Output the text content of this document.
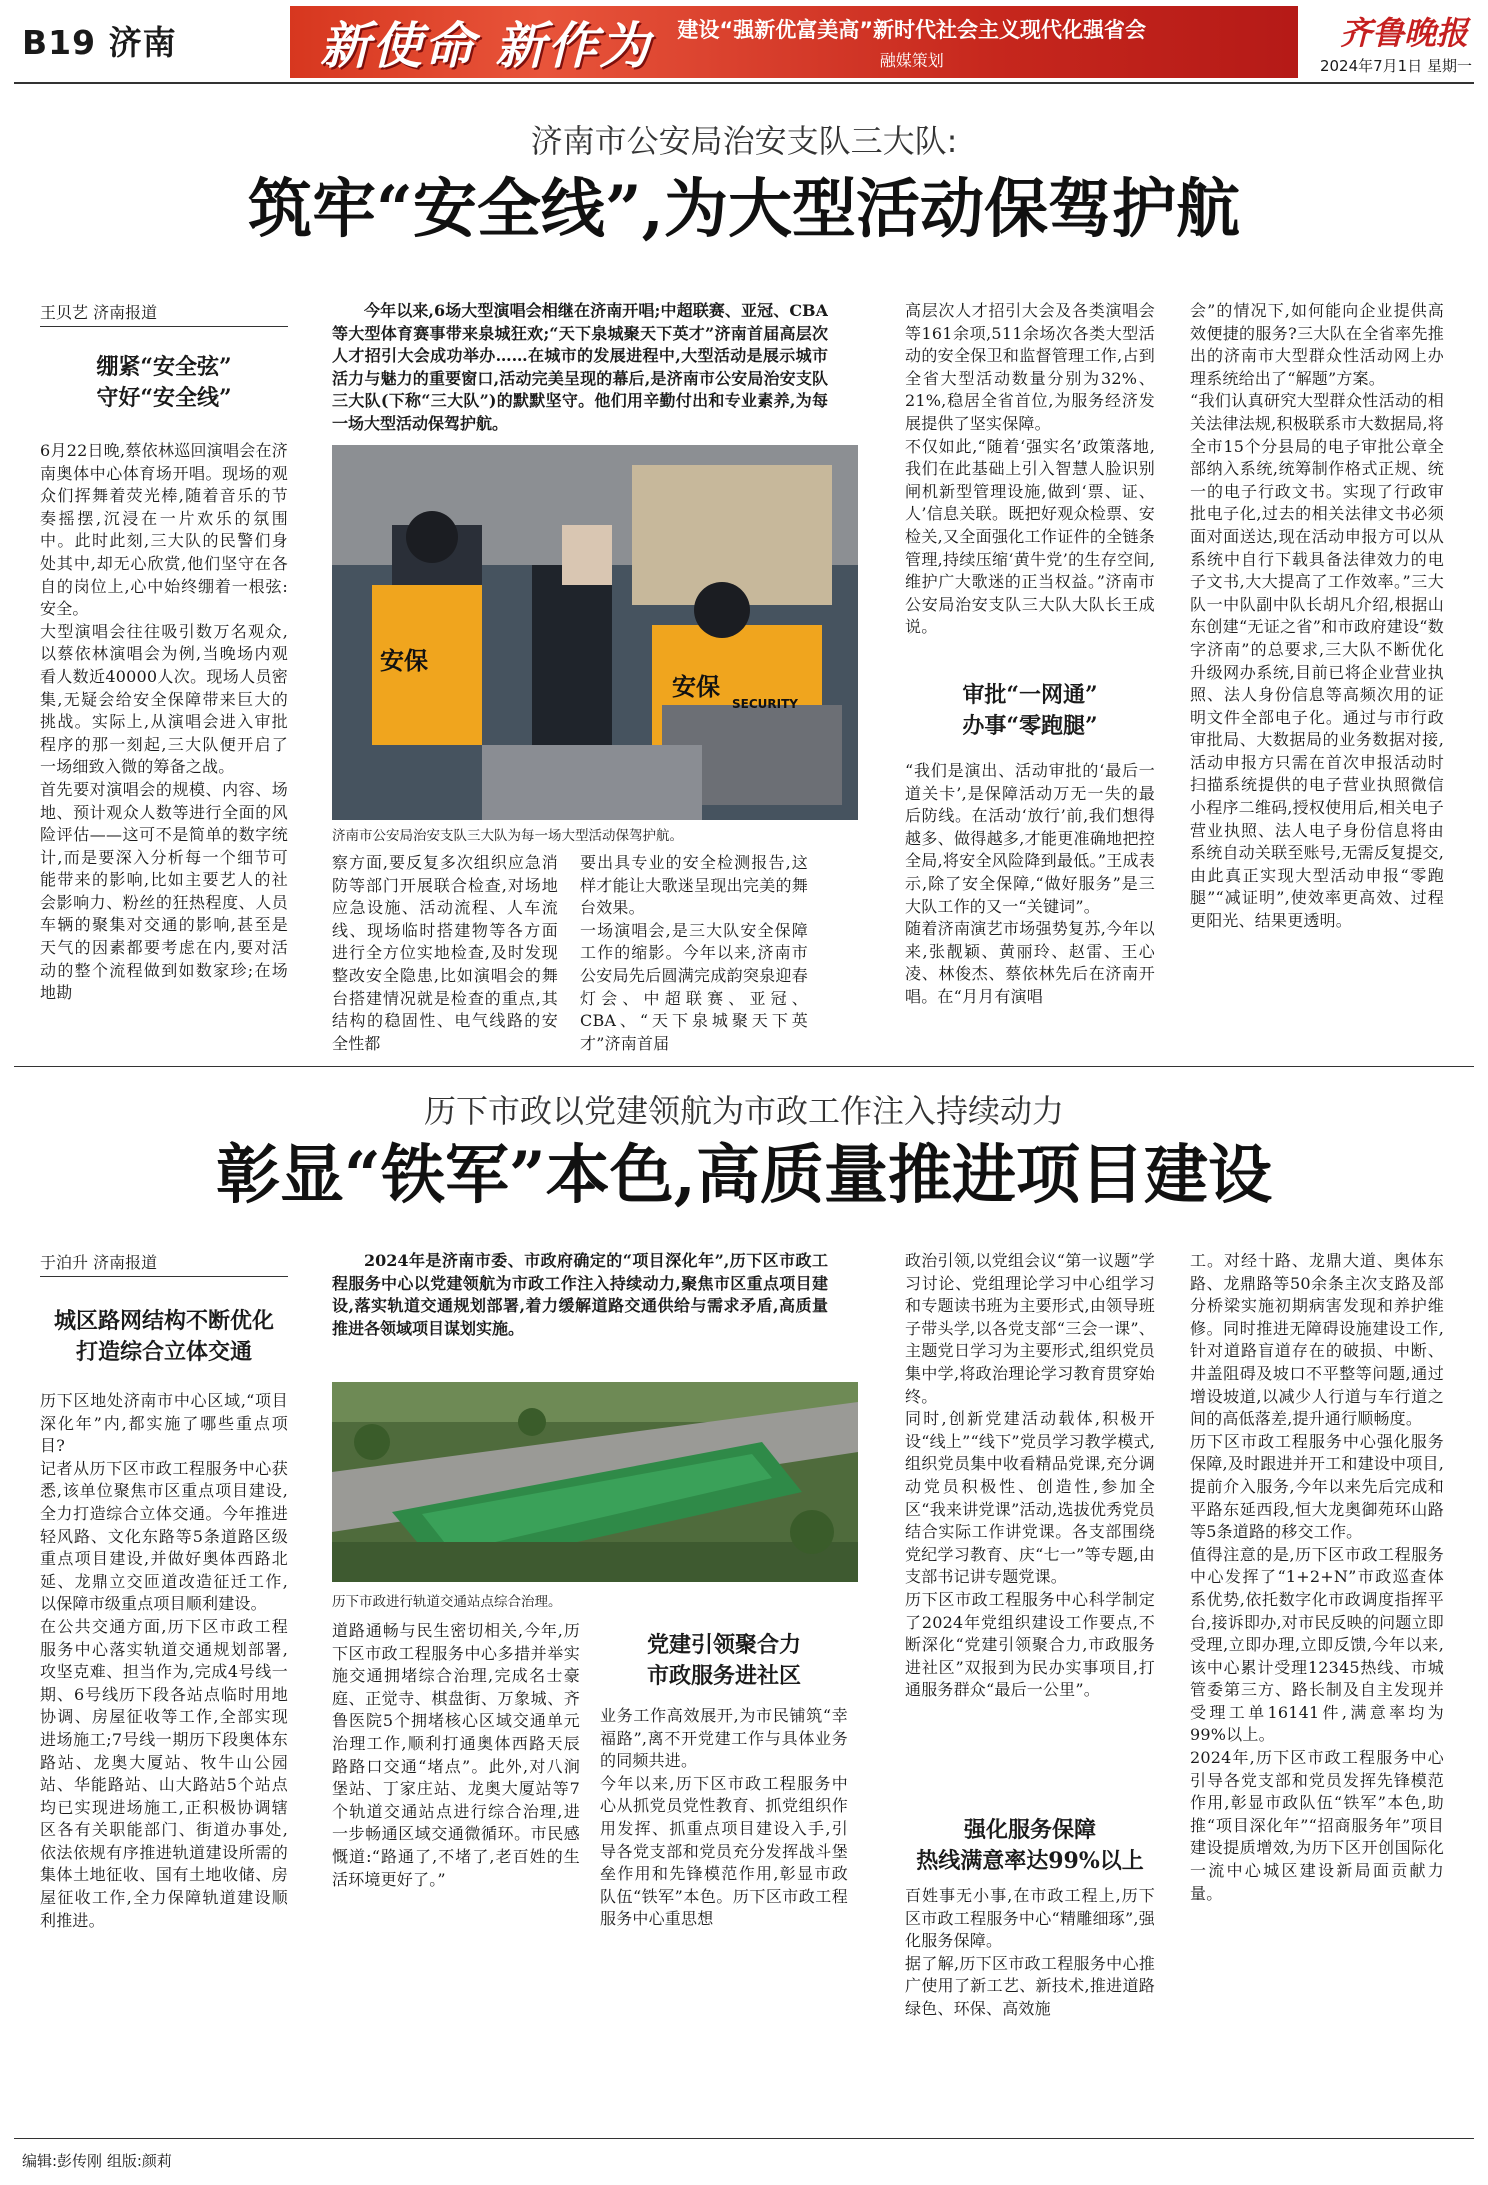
B19 济南	新使命 新作为 建设“强新优富美高”新时代社会主义现代化强省会
融媒策划
齐鲁晚报
2024年7月1日 星期一
济南市公安局治安支队三大队:
筑牢“安全线”,为大型活动保驾护航
王贝艺 济南报道
绷紧“安全弦”
守好“安全线”
6月22日晚,蔡依林巡回演唱会在济南奥体中心体育场开唱。现场的观众们挥舞着荧光棒,随着音乐的节奏摇摆,沉浸在一片欢乐的氛围中。此时此刻,三大队的民警们身处其中,却无心欣赏,他们坚守在各自的岗位上,心中始终绷着一根弦:安全。
大型演唱会往往吸引数万名观众,以蔡依林演唱会为例,当晚场内观看人数近40000人次。现场人员密集,无疑会给安全保障带来巨大的挑战。实际上,从演唱会进入审批程序的那一刻起,三大队便开启了一场细致入微的筹备之战。
首先要对演唱会的规模、内容、场地、预计观众人数等进行全面的风险评估——这可不是简单的数字统计,而是要深入分析每一个细节可能带来的影响,比如主要艺人的社会影响力、粉丝的狂热程度、人员车辆的聚集对交通的影响,甚至是天气的因素都要考虑在内,要对活动的整个流程做到如数家珍;在场地勘

今年以来,6场大型演唱会相继在济南开唱;中超联赛、亚冠、CBA等大型体育赛事带来泉城狂欢;“天下泉城聚天下英才”济南首届高层次人才招引大会成功举办……在城市的发展进程中,大型活动是展示城市活力与魅力的重要窗口,活动完美呈现的幕后,是济南市公安局治安支队三大队(下称“三大队”)的默默坚守。他们用辛勤付出和专业素养,为每一场大型活动保驾护航。

安保
安保
SECURITY
济南市公安局治安支队三大队为每一场大型活动保驾护航。
察方面,要反复多次组织应急消防等部门开展联合检查,对场地应急设施、活动流程、人车流线、现场临时搭建物等各方面进行全方位实地检查,及时发现整改安全隐患,比如演唱会的舞台搭建情况就是检查的重点,其结构的稳固性、电气线路的安全性都
要出具专业的安全检测报告,这样才能让大歌迷呈现出完美的舞台效果。
一场演唱会,是三大队安全保障工作的缩影。今年以来,济南市公安局先后圆满完成韵突泉迎春灯会、中超联赛、亚冠、CBA、“天下泉城聚天下英才”济南首届
高层次人才招引大会及各类演唱会等161余项,511余场次各类大型活动的安全保卫和监督管理工作,占到全省大型活动数量分别为32%、21%,稳居全省首位,为服务经济发展提供了坚实保障。
不仅如此,“随着‘强实名’政策落地,我们在此基础上引入智慧人脸识别闸机新型管理设施,做到‘票、证、人’信息关联。既把好观众检票、安检关,又全面强化工作证件的全链条管理,持续压缩‘黄牛党’的生存空间,维护广大歌迷的正当权益。”济南市公安局治安支队三大队大队长王成说。
审批“一网通”
办事“零跑腿”
“我们是演出、活动审批的‘最后一道关卡’,是保障活动万无一失的最后防线。在活动‘放行’前,我们想得越多、做得越多,才能更准确地把控全局,将安全风险降到最低。”王成表示,除了安全保障,“做好服务”是三大队工作的又一“关键词”。
随着济南演艺市场强势复苏,今年以来,张靓颖、黄丽玲、赵雷、王心凌、林俊杰、蔡依林先后在济南开唱。在“月月有演唱
会”的情况下,如何能向企业提供高效便捷的服务?三大队在全省率先推出的济南市大型群众性活动网上办理系统给出了“解题”方案。
“我们认真研究大型群众性活动的相关法律法规,积极联系市大数据局,将全市15个分县局的电子审批公章全部纳入系统,统筹制作格式正规、统一的电子行政文书。实现了行政审批电子化,过去的相关法律文书必须面对面送达,现在活动申报方可以从系统中自行下载具备法律效力的电子文书,大大提高了工作效率。”三大队一中队副中队长胡凡介绍,根据山东创建“无证之省”和市政府建设“数字济南”的总要求,三大队不断优化升级网办系统,目前已将企业营业执照、法人身份信息等高频次用的证明文件全部电子化。通过与市行政审批局、大数据局的业务数据对接,活动申报方只需在首次申报活动时扫描系统提供的电子营业执照微信小程序二维码,授权使用后,相关电子营业执照、法人电子身份信息将由系统自动关联至账号,无需反复提交,由此真正实现大型活动申报“零跑腿”“减证明”,使效率更高效、过程更阳光、结果更透明。
历下市政以党建领航为市政工作注入持续动力
彰显“铁军”本色,高质量推进项目建设
于泊升 济南报道
城区路网结构不断优化
打造综合立体交通
历下区地处济南市中心区域,“项目深化年”内,都实施了哪些重点项目?
记者从历下区市政工程服务中心获悉,该单位聚焦市区重点项目建设,全力打造综合立体交通。今年推进轻风路、文化东路等5条道路区级重点项目建设,并做好奥体西路北延、龙鼎立交匝道改造征迁工作,以保障市级重点项目顺利建设。
在公共交通方面,历下区市政工程服务中心落实轨道交通规划部署,攻坚克难、担当作为,完成4号线一期、6号线历下段各站点临时用地协调、房屋征收等工作,全部实现进场施工;7号线一期历下段奥体东路站、龙奥大厦站、牧牛山公园站、华能路站、山大路站5个站点均已实现进场施工,正积极协调辖区各有关职能部门、街道办事处,依法依规有序推进轨道建设所需的集体土地征收、国有土地收储、房屋征收工作,全力保障轨道建设顺利推进。

2024年是济南市委、市政府确定的“项目深化年”,历下区市政工程服务中心以党建领航为市政工作注入持续动力,聚焦市区重点项目建设,落实轨道交通规划部署,着力缓解道路交通供给与需求矛盾,高质量推进各领域项目谋划实施。

历下市政进行轨道交通站点综合治理。
道路通畅与民生密切相关,今年,历下区市政工程服务中心多措并举实施交通拥堵综合治理,完成名士豪庭、正觉寺、棋盘街、万象城、齐鲁医院5个拥堵核心区域交通单元治理工作,顺利打通奥体西路天辰路路口交通“堵点”。此外,对八涧堡站、丁家庄站、龙奥大厦站等7个轨道交通站点进行综合治理,进一步畅通区域交通微循环。市民感慨道:“路通了,不堵了,老百姓的生活环境更好了。”
党建引领聚合力
市政服务进社区
业务工作高效展开,为市民铺筑“幸福路”,离不开党建工作与具体业务的同频共进。
今年以来,历下区市政工程服务中心从抓党员党性教育、抓党组织作用发挥、抓重点项目建设入手,引导各党支部和党员充分发挥战斗堡垒作用和先锋模范作用,彰显市政队伍“铁军”本色。历下区市政工程服务中心重思想
政治引领,以党组会议“第一议题”学习讨论、党组理论学习中心组学习和专题读书班为主要形式,由领导班子带头学,以各党支部“三会一课”、主题党日学习为主要形式,组织党员集中学,将政治理论学习教育贯穿始终。
同时,创新党建活动载体,积极开设“线上”“线下”党员学习教学模式,组织党员集中收看精品党课,充分调动党员积极性、创造性,参加全区“我来讲党课”活动,选拔优秀党员结合实际工作讲党课。各支部围绕党纪学习教育、庆“七一”等专题,由支部书记讲专题党课。
历下区市政工程服务中心科学制定了2024年党组织建设工作要点,不断深化“党建引领聚合力,市政服务进社区”双报到为民办实事项目,打通服务群众“最后一公里”。
强化服务保障
热线满意率达99%以上
百姓事无小事,在市政工程上,历下区市政工程服务中心“精雕细琢”,强化服务保障。
据了解,历下区市政工程服务中心推广使用了新工艺、新技术,推进道路绿色、环保、高效施
工。对经十路、龙鼎大道、奥体东路、龙鼎路等50余条主次支路及部分桥梁实施初期病害发现和养护维修。同时推进无障碍设施建设工作,针对道路盲道存在的破损、中断、井盖阻碍及坡口不平整等问题,通过增设坡道,以减少人行道与车行道之间的高低落差,提升通行顺畅度。
历下区市政工程服务中心强化服务保障,及时跟进并开工和建设中项目,提前介入服务,今年以来先后完成和平路东延西段,恒大龙奥御苑环山路等5条道路的移交工作。
值得注意的是,历下区市政工程服务中心发挥了“1+2+N”市政巡查体系优势,依托数字化市政调度指挥平台,接诉即办,对市民反映的问题立即受理,立即办理,立即反馈,今年以来,该中心累计受理12345热线、市城管委第三方、路长制及自主发现并受理工单16141件,满意率均为99%以上。
2024年,历下区市政工程服务中心引导各党支部和党员发挥先锋模范作用,彰显市政队伍“铁军”本色,助推“项目深化年”“招商服务年”项目建设提质增效,为历下区开创国际化一流中心城区建设新局面贡献力量。
编辑:彭传刚 组版:颜莉
